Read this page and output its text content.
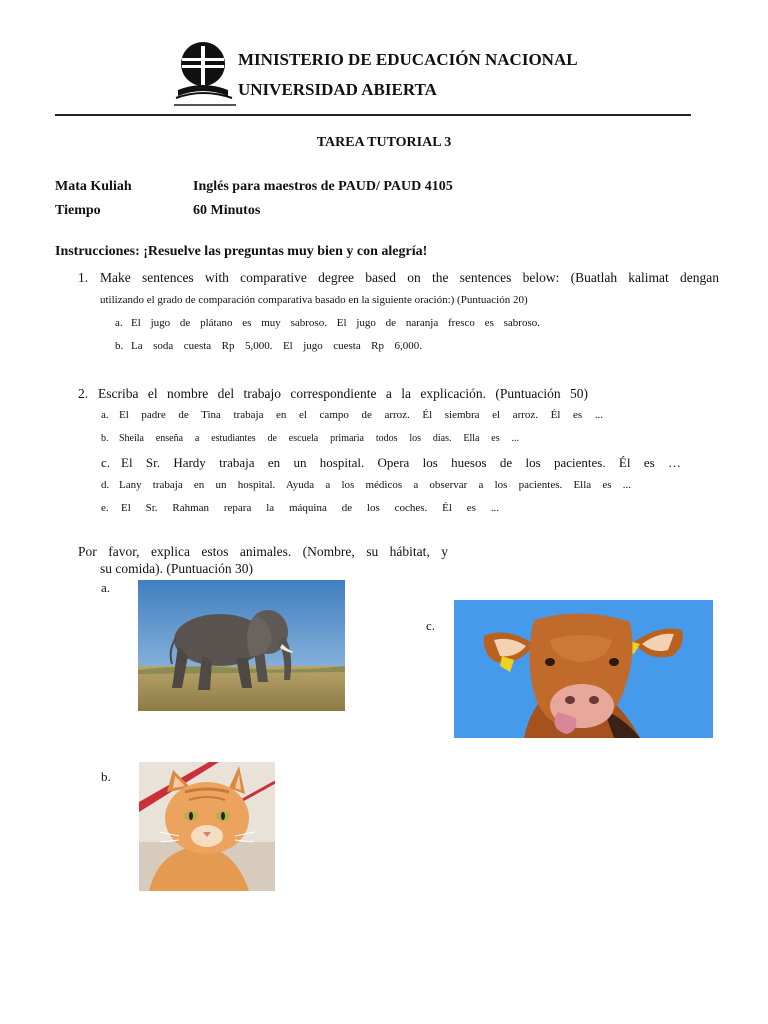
MINISTERIO DE EDUCACIÓN NACIONAL
UNIVERSIDAD ABIERTA
TAREA TUTORIAL 3
Mata Kuliah	Inglés para maestros de PAUD/ PAUD 4105
Tiempo	60 Minutos
Instrucciones: ¡Resuelve las preguntas muy bien y con alegría!
1. Make sentences with comparative degree based on the sentences below: (Buatlah kalimat dengan
utilizando el grado de comparación comparativa basado en la siguiente oración:) (Puntuación 20)
a. El jugo de plátano es muy sabroso. El jugo de naranja fresco es sabroso.
b. La soda cuesta Rp 5,000. El jugo cuesta Rp 6,000.
2. Escriba el nombre del trabajo correspondiente a la explicación. (Puntuación 50)
a. El padre de Tina trabaja en el campo de arroz. Él siembra el arroz. Él es ...
b. Sheila enseña a estudiantes de escuela primaria todos los días. Ella es ...
c. El Sr. Hardy trabaja en un hospital. Opera los huesos de los pacientes. Él es …
d. Lany trabaja en un hospital. Ayuda a los médicos a observar a los pacientes. Ella es ...
e. El Sr. Rahman repara la máquina de los coches. Él es ...
Por favor, explica estos animales. (Nombre, su hábitat, y
su comida). (Puntuación 30)
a.
c.
b.
